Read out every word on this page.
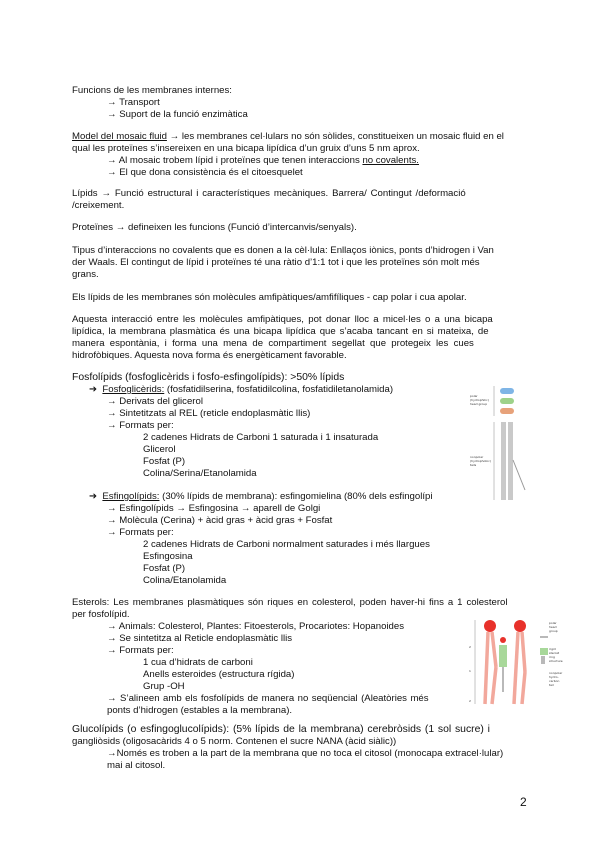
Funcions de les membranes internes:
→ Transport
→ Suport de la funció enzimàtica
Model del mosaic fluid → les membranes cel·lulars no són sòlides, constitueixen un mosaic fluid en el
qual les proteïnes s’insereixen en una bicapa lipídica d’un gruix d’uns 5 nm aprox.
→ Al mosaic trobem lípid i proteïnes que tenen interaccions no covalents.
→ El que dona consistència és el citoesquelet
Lípids → Funció estructural i característiques mecàniques. Barrera/ Contingut /deformació
/creixement.
Proteïnes → defineixen les funcions (Funció d’intercanvis/senyals).
Tipus d’interaccions no covalents que es donen a la cèl·lula: Enllaços iònics, ponts d’hidrogen i Van
der Waals. El contingut de lípid i proteïnes té una ràtio d’1:1 tot i que les proteïnes són molt més
grans.
Els lípids de les membranes són molècules amfipàtiques/amfifíliques - cap polar i cua apolar.
Aquesta interacció entre les molècules amfipàtiques, pot donar lloc a micel·les o a una bicapa
lipídica, la membrana plasmàtica és una bicapa lipídica que s’acaba tancant en si mateixa, de
manera espontània, i forma una mena de compartiment segellat que protegeix les cues
hidrofòbiques. Aquesta nova forma és energèticament favorable.
Fosfolípids (fosfoglicèrids i fosfo-esfingolípids): >50% lípids
➔ Fosfoglicèrids: (fosfatidilserina, fosfatidilcolina, fosfatidiletanolamida)
→ Derivats del glicerol
→ Sintetitzats al REL (reticle endoplasmàtic llis)
→ Formats per:
2 cadenes Hidrats de Carboni 1 saturada i 1 insaturada
Glicerol
Fosfat (P)
Colina/Serina/Etanolamida
➔ Esfingolípids: (30% lípids de membrana): esfingomielina (80% dels esfingolípi
→ Esfingolípids → Esfingosina → aparell de Golgi
→ Molècula (Cerina) + àcid gras + àcid gras + Fosfat
→ Formats per:
2 cadenes Hidrats de Carboni normalment saturades i més llargues
Esfingosina
Fosfat (P)
Colina/Etanolamida
Esterols: Les membranes plasmàtiques són riques en colesterol, poden haver-hi fins a 1 colesterol
per fosfolípid.
→ Animals: Colesterol, Plantes: Fitoesterols, Procariotes: Hopanoides
→ Se sintetitza al Reticle endoplasmàtic llis
→ Formats per:
1 cua d’hidrats de carboni
Anells esteroides (estructura rígida)
Grup -OH
→ S’alineen amb els fosfolípids de manera no seqüencial (Aleatòries més
ponts d’hidrogen (estables a la membrana).
Glucolípids (o esfingoglucolípids): (5% lípids de la membrana) cerebròsids (1 sol sucre) i
gangliòsids (oligosacàrids 4 o 5 norm. Contenen el sucre NANA (àcid siàlic))
→Només es troben a la part de la membrana que no toca el citosol (monocapa extracel·lular)
mai al citosol.
2
polar
(hydrophilic)
head group
nonpolar
(hydrophobic)
tails
2
1
2
polar
head
group
rigid
steroid
ring
structure
nonpolar
hydro-
carbon
tail
